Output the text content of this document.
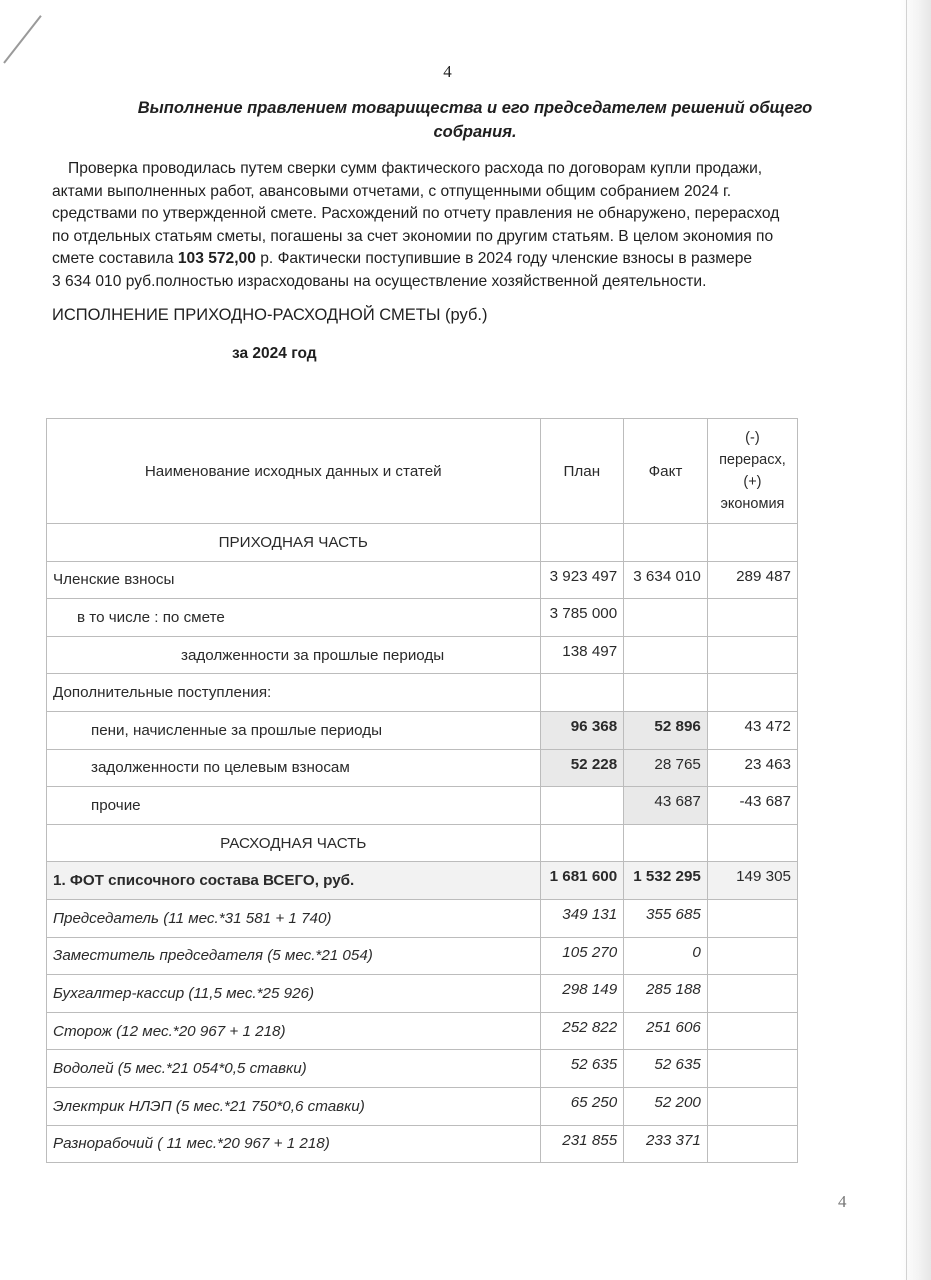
4
Выполнение правлением товарищества и его председателем решений общего собрания.

Проверка проводилась путем сверки сумм фактического расхода по договорам купли продажи,

актами выполненных работ, авансовыми отчетами, с отпущенными общим собранием 2024 г.

средствами по утвержденной смете. Расхождений по отчету правления не обнаружено, перерасход

по отдельных статьям сметы, погашены за счет экономии по другим статьям. В целом экономия по

смете составила 103 572,00 р. Фактически поступившие в 2024 году членские взносы в размере

3 634 010 руб.полностью израсходованы на осуществление хозяйственной деятельности.

ИСПОЛНЕНИЕ ПРИХОДНО-РАСХОДНОЙ СМЕТЫ (руб.)
за 2024 год
Наименование исходных данных и статей	План	Факт	(-)
перерасх,
(+)
экономия

ПРИХОДНАЯ ЧАСТЬ			
Членские взносы	3 923 497	3 634 010	289 487
в то числе : по смете	3 785 000		
задолженности за прошлые периоды	138 497		
Дополнительные поступления:			
пени, начисленные за прошлые периоды	96 368	52 896	43 472
задолженности по целевым взносам	52 228	28 765	23 463
прочие		43 687	-43 687
РАСХОДНАЯ ЧАСТЬ			
1. ФОТ списочного состава ВСЕГО, руб.	1 681 600	1 532 295	149 305
Председатель (11 мес.*31 581 + 1 740)	349 131	355 685	
Заместитель председателя (5 мес.*21 054)	105 270	0	
Бухгалтер-кассир (11,5 мес.*25 926)	298 149	285 188	
Сторож (12 мес.*20 967 + 1 218)	252 822	251 606	
Водолей (5 мес.*21 054*0,5 ставки)	52 635	52 635	
Электрик НЛЭП (5 мес.*21 750*0,6 ставки)	65 250	52 200	
Разнорабочий ( 11 мес.*20 967 + 1 218)	231 855	233 371	
4
